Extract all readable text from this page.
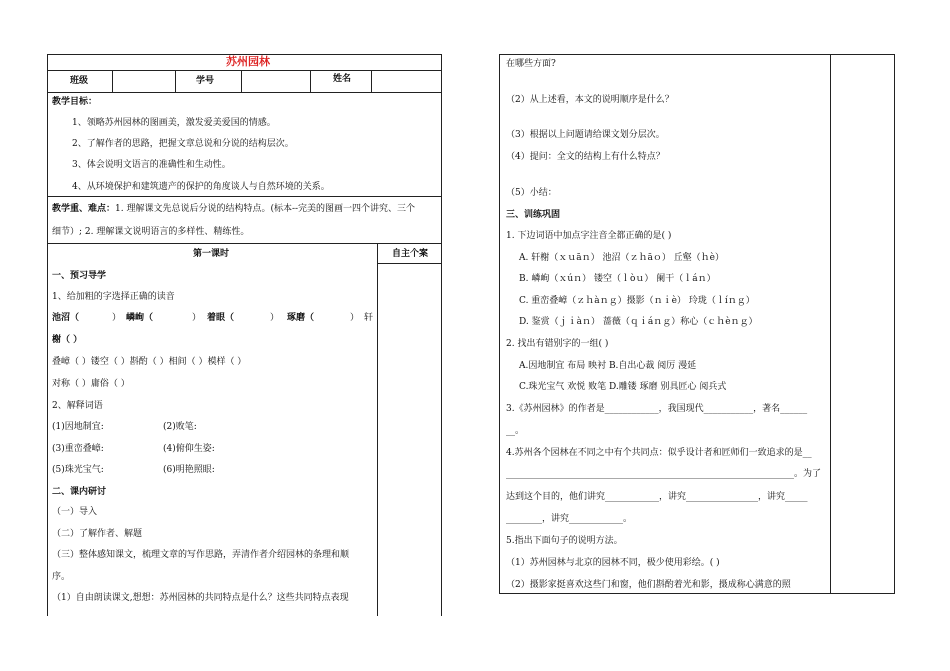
苏州园林
班级	学号	姓名
教学目标：
1、领略苏州园林的图画美，激发爱美爱国的情感。
2、了解作者的思路，把握文章总说和分说的结构层次。
3、体会说明文语言的准确性和生动性。
4、从环境保护和建筑遗产的保护的角度谈人与自然环境的关系。
教学重、难点：1. 理解课文先总说后分说的结构特点。(标本--完美的图画一四个讲究、三个
细节）; 2. 理解课文说明语言的多样性、精练性。
第一课时	自主个案
一、预习导学
1、给加粗的字选择正确的读音
池沼（	） 嶙峋（	） 着眼（	） 琢磨（	） 轩
榭（ ）
叠嶂（ ）镂空（ ）斟酌（ ）相间（ ）模样（ ）
对称（ ）庸俗（ ）
2、解释词语
(1)因地制宜:	(2)败笔:
(3)重峦叠嶂:	(4)俯仰生姿:
(5)珠光宝气:	(6)明艳照眼:
二、课内研讨
（一）导入
（二）了解作者、解题
（三）整体感知课文，梳理文章的写作思路，弄清作者介绍园林的条理和顺
序。
（1）自由朗读课文,想想：苏州园林的共同特点是什么？这些共同特点表现
在哪些方面?
（2）从上述看，本文的说明顺序是什么？
（3）根据以上问题请给课文划分层次。
（4）提问：全文的结构上有什么特点？
（5）小结：
三、训练巩固
1. 下边词语中加点字注音全都正确的是( )
A. 轩榭（ｘｕāｎ） 池沼（ｚｈāｏ） 丘壑（ｈè）
B. 嶙峋（ｘúｎ） 镂空（ｌòｕ） 阑干（ｌáｎ）
C. 重峦叠嶂（ｚｈàｎｇ）摄影（ｎｉè） 玲珑（ｌíｎｇ）
D. 鉴赏（ｊｉàｎ） 蔷薇（ｑｉáｎｇ）称心（ｃｈèｎｇ）
2. 找出有错别字的一组( )
A.因地制宜 布局 映衬 B.自出心裁 阅厉 漫延
C.珠光宝气 欢悦 败笔 D.雕镂 琢磨 别具匠心 阅兵式
3.《苏州园林》的作者是____________，我国现代___________，著名______
__。
4.苏州各个园林在不同之中有个共同点：似乎设计者和匠师们一致追求的是__
________________________________________________________________。为了
达到这个目的，他们讲究____________，讲究________________，讲究_____
________，讲究____________。
5.指出下面句子的说明方法。
（1）苏州园林与北京的园林不同，极少使用彩绘。( )
（2）摄影家挺喜欢这些门和窗，他们斟酌着光和影，摄成称心满意的照
